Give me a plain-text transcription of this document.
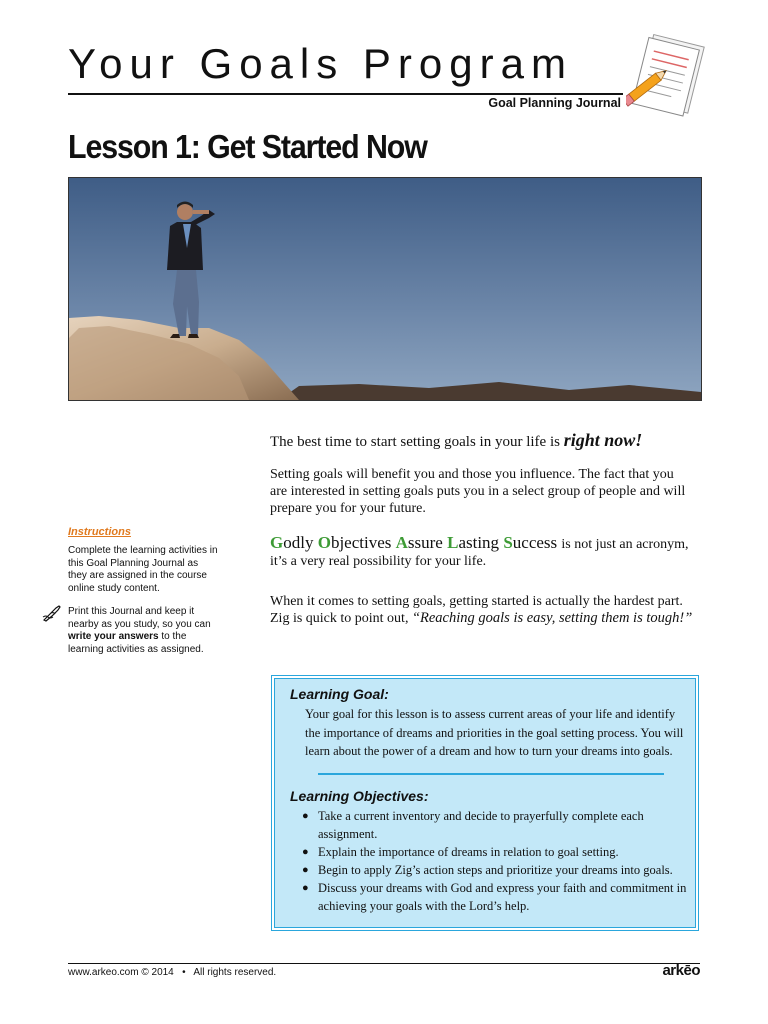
Your Goals Program
Goal Planning Journal
Lesson 1: Get Started Now
The best time to start setting goals in your life is right now!
Setting goals will benefit you and those you influence. The fact that you are interested in setting goals puts you in a select group of people and will prepare you for your future.
Godly Objectives Assure Lasting Success is not just an acronym, it’s a very real possibility for your life.
When it comes to setting goals, getting started is actually the hardest part. Zig is quick to point out, “Reaching goals is easy, setting them is tough!”
Instructions
Complete the learning activities in this Goal Planning Journal as they are assigned in the course online study content.
Print this Journal and keep it nearby as you study, so you can write your answers to the learning activities as assigned.
Learning Goal:
Your goal for this lesson is to assess current areas of your life and identify the importance of dreams and priorities in the goal setting process. You will learn about the power of a dream and how to turn your dreams into goals.
Learning Objectives:
● Take a current inventory and decide to prayerfully complete each assignment.
● Explain the importance of dreams in relation to goal setting.
● Begin to apply Zig’s action steps and prioritize your dreams into goals.
● Discuss your dreams with God and express your faith and commitment in achieving your goals with the Lord’s help.
www.arkeo.com © 2014   •   All rights reserved.	arkēo
